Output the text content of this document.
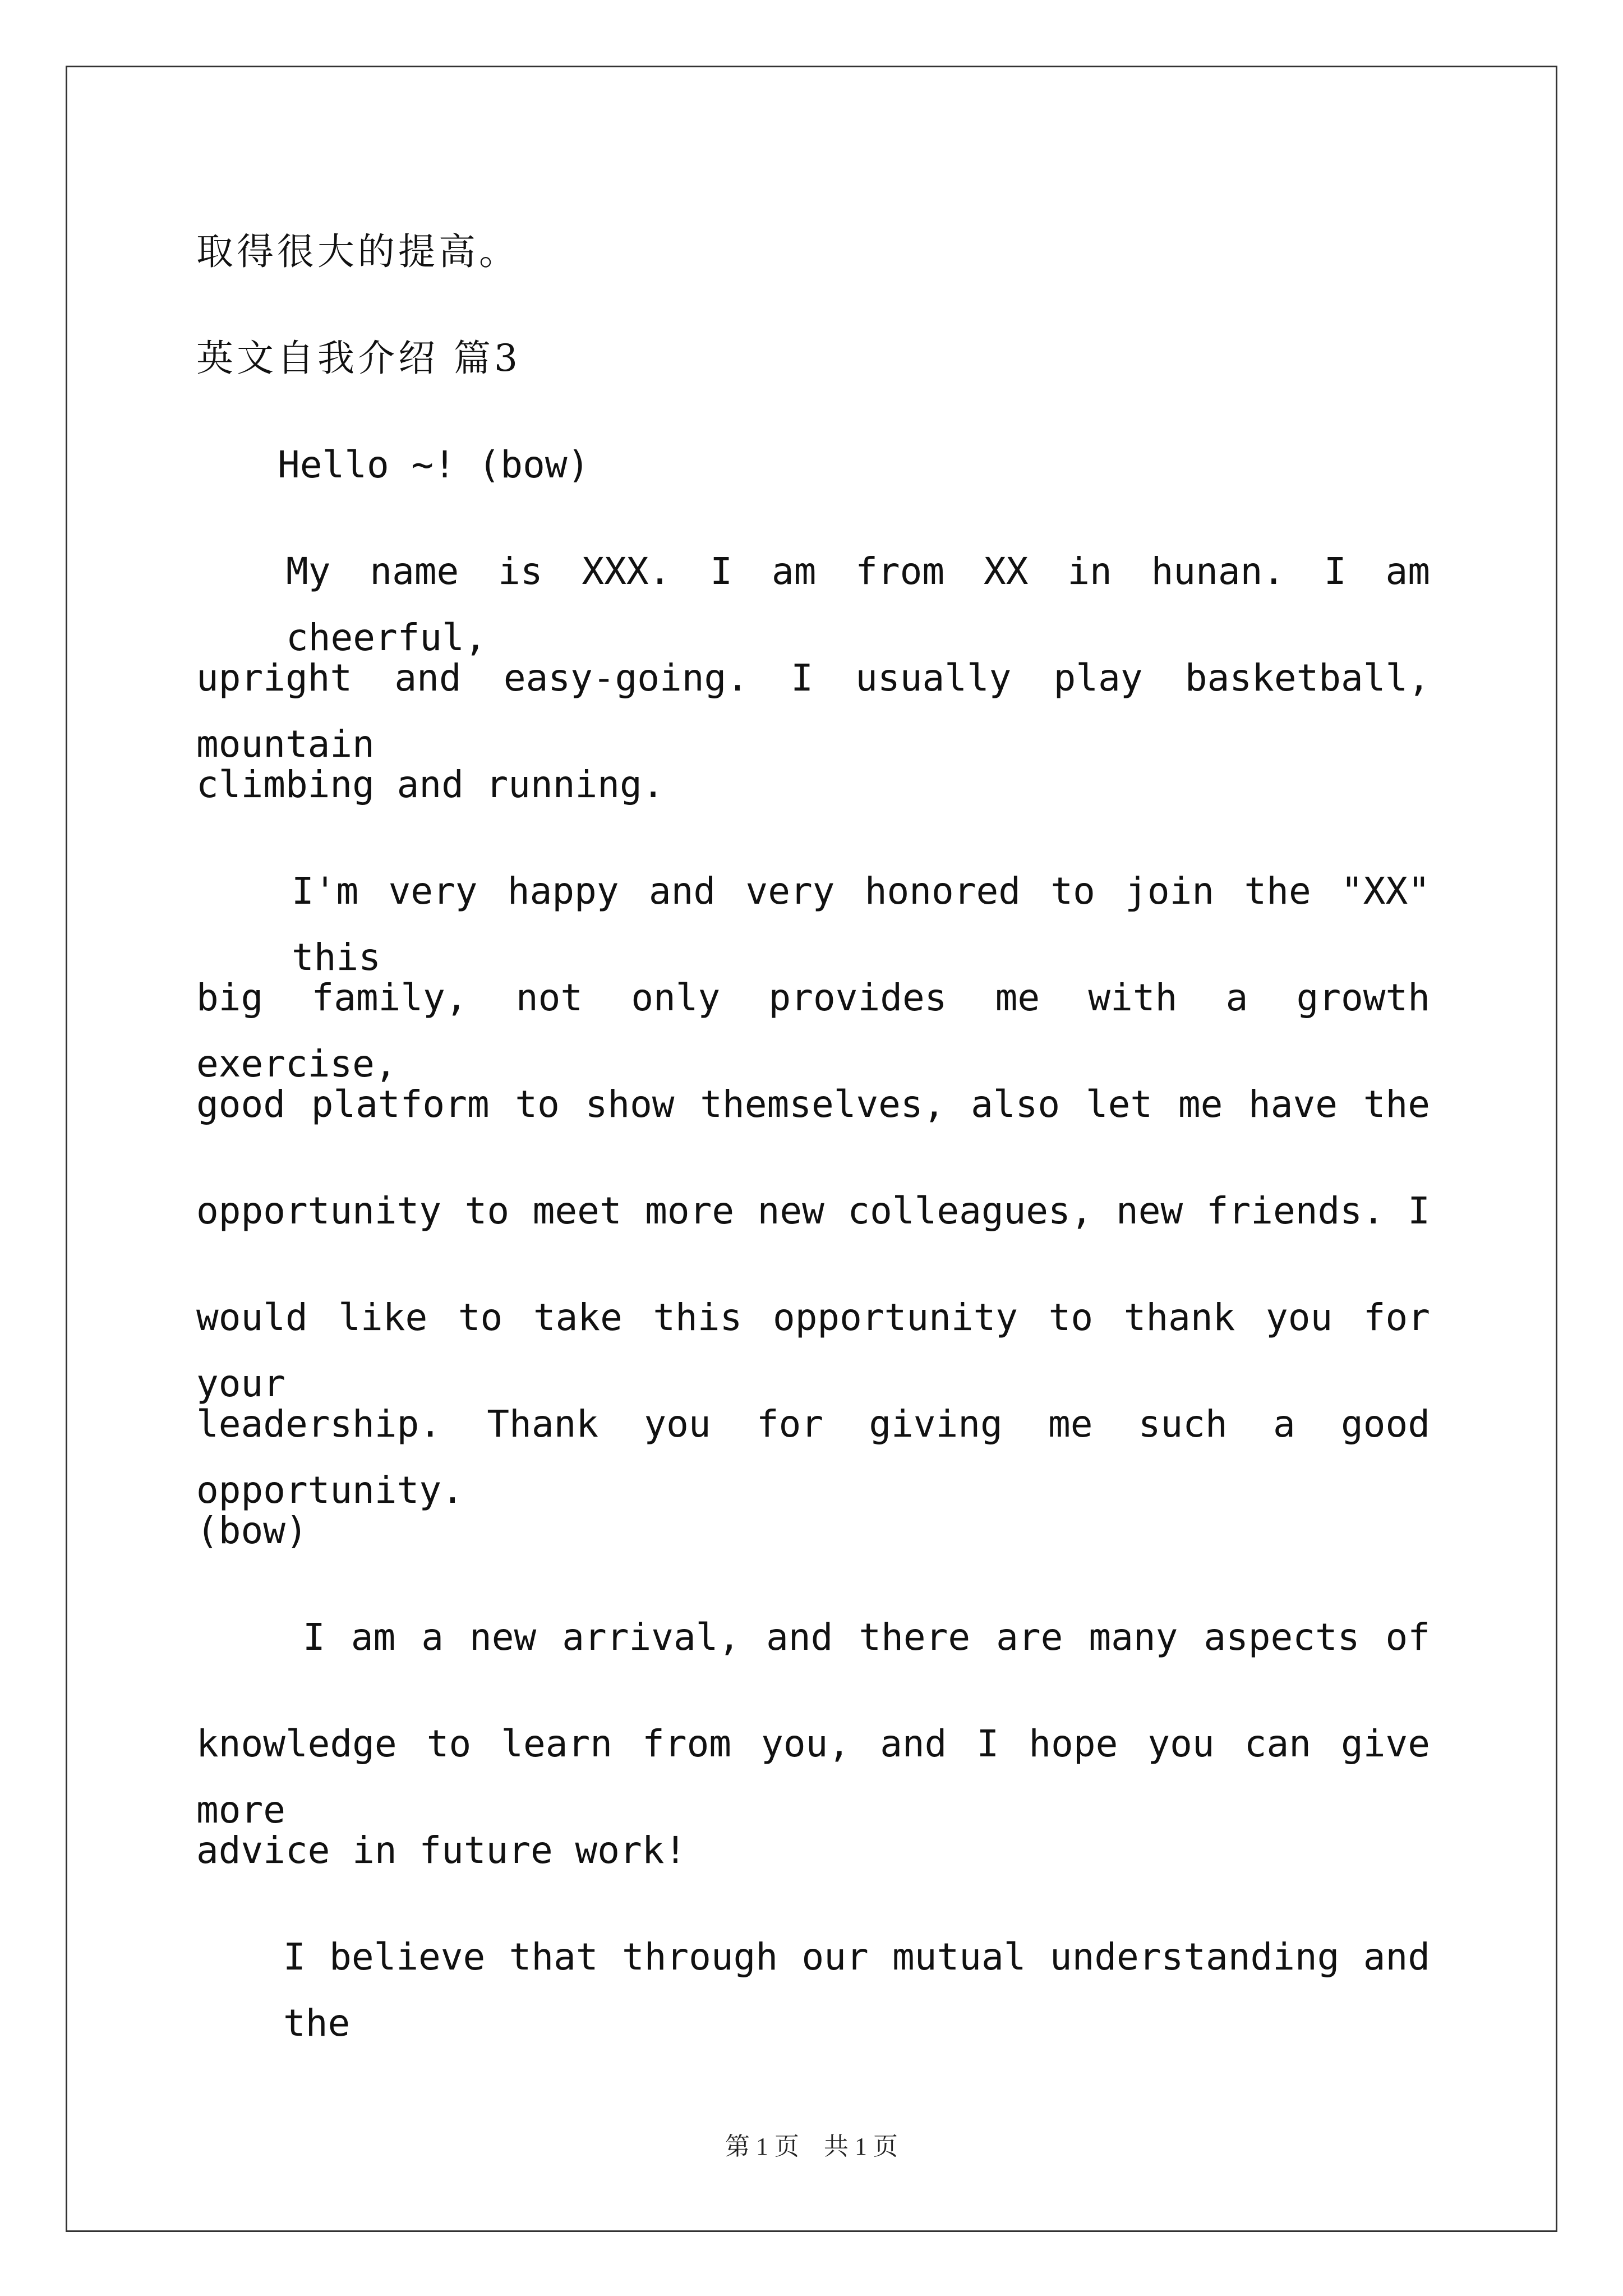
取得很大的提高。
英文自我介绍 篇3
Hello ~! (bow)
My name is XXX. I am from XX in hunan. I am cheerful,
upright and easy-going. I usually play basketball, mountain
climbing and running.
I'm very happy and very honored to join the "XX" this
big family, not only provides me with a growth exercise,
good platform to show themselves, also let me have the
opportunity to meet more new colleagues, new friends. I
would like to take this opportunity to thank you for your
leadership. Thank you for giving me such a good opportunity.
(bow)
I am a new arrival, and there are many aspects of
knowledge to learn from you, and I hope you can give more
advice in future work!
I believe that through our mutual understanding and the
第 1 页　共 1 页
